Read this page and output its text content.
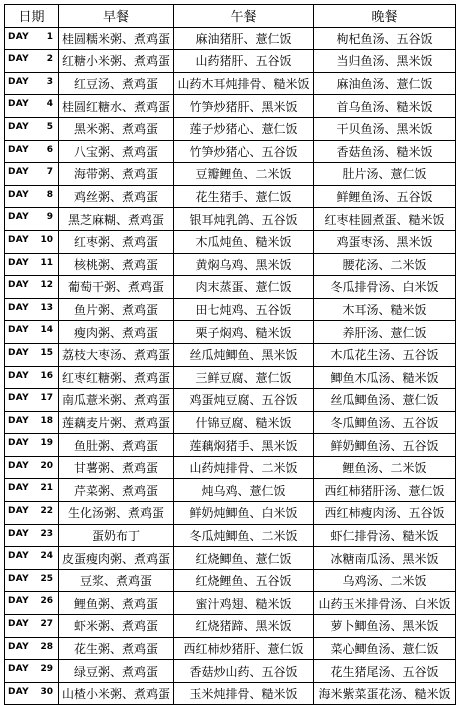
日期	早餐	午餐	晚餐

DAY 1	桂圆糯米粥、煮鸡蛋	麻油猪肝、薏仁饭	枸杞鱼汤、五谷饭

DAY 2	红糖小米粥、煮鸡蛋	山药猪肝、五谷饭	当归鱼汤、黑米饭

DAY 3	红豆汤、煮鸡蛋	山药木耳炖排骨、糙米饭	麻油鱼汤、薏仁饭

DAY 4	桂圆红糖水、煮鸡蛋	竹笋炒猪肝、黑米饭	首乌鱼汤、糙米饭

DAY 5	黑米粥、煮鸡蛋	莲子炒猪心、薏仁饭	干贝鱼汤、黑米饭

DAY 6	八宝粥、煮鸡蛋	竹笋炒猪心、五谷饭	香菇鱼汤、糙米饭

DAY 7	海带粥、煮鸡蛋	豆瓣鲤鱼、二米饭	肚片汤、薏仁饭

DAY 8	鸡丝粥、煮鸡蛋	花生猪手、薏仁饭	鲜鲤鱼汤、五谷饭

DAY 9	黑芝麻糊、煮鸡蛋	银耳炖乳鸽、五谷饭	红枣桂圆煮蛋、糙米饭

DAY 10	红枣粥、煮鸡蛋	木瓜炖鱼、糙米饭	鸡蛋枣汤、黑米饭

DAY 11	核桃粥、煮鸡蛋	黄焖乌鸡、黑米饭	腰花汤、二米饭

DAY 12	葡萄干粥、煮鸡蛋	肉末蒸蛋、薏仁饭	冬瓜排骨汤、白米饭

DAY 13	鱼片粥、煮鸡蛋	田七炖鸡、五谷饭	木耳汤、糙米饭

DAY 14	瘦肉粥、煮鸡蛋	栗子焖鸡、糙米饭	养肝汤、薏仁饭

DAY 15	荔枝大枣汤、煮鸡蛋	丝瓜炖鲫鱼、黑米饭	木瓜花生汤、五谷饭

DAY 16	红枣红糖粥、煮鸡蛋	三鲜豆腐、薏仁饭	鲫鱼木瓜汤、糙米饭

DAY 17	南瓜薏米粥、煮鸡蛋	鸡蛋炖豆腐、五谷饭	丝瓜鲫鱼汤、薏仁饭

DAY 18	莲藕麦片粥、煮鸡蛋	什锦豆腐、糙米饭	冬瓜鲫鱼汤、五谷饭

DAY 19	鱼肚粥、煮鸡蛋	莲藕焖猪手、黑米饭	鲜奶鲫鱼汤、五谷饭

DAY 20	甘薯粥、煮鸡蛋	山药炖排骨、二米饭	鲤鱼汤、二米饭

DAY 21	芹菜粥、煮鸡蛋	炖乌鸡、薏仁饭	西红柿猪肝汤、薏仁饭

DAY 22	生化汤粥、煮鸡蛋	鲜奶炖鲫鱼、白米饭	西红柿瘦肉汤、五谷饭

DAY 23	蛋奶布丁	冬瓜炖鲫鱼、二米饭	虾仁排骨汤、糙米饭

DAY 24	皮蛋瘦肉粥、煮鸡蛋	红烧鲫鱼、薏仁饭	冰糖南瓜汤、黑米饭

DAY 25	豆浆、煮鸡蛋	红烧鲤鱼、五谷饭	乌鸡汤、二米饭

DAY 26	鲤鱼粥、煮鸡蛋	蜜汁鸡翅、糙米饭	山药玉米排骨汤、白米饭

DAY 27	虾米粥、煮鸡蛋	红烧猪蹄、黑米饭	萝卜鲫鱼汤、黑米饭

DAY 28	花生粥、煮鸡蛋	西红柿炒猪肝、薏仁饭	菜心鲫鱼汤、薏仁饭

DAY 29	绿豆粥、煮鸡蛋	香菇炒山药、五谷饭	花生猪尾汤、五谷饭

DAY 30	山楂小米粥、煮鸡蛋	玉米炖排骨、糙米饭	海米紫菜蛋花汤、糙米饭
